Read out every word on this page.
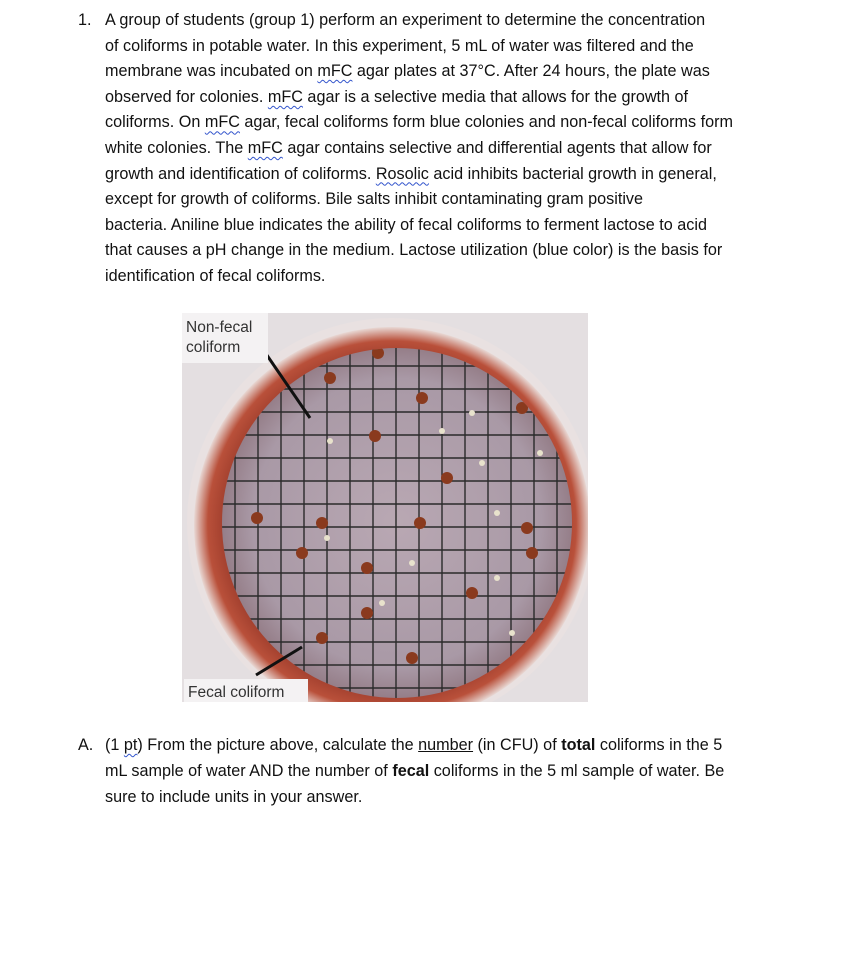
1. A group of students (group 1) perform an experiment to determine the concentration
of coliforms in potable water. In this experiment, 5 mL of water was filtered and the
membrane was incubated on mFC agar plates at 37°C. After 24 hours, the plate was
observed for colonies. mFC agar is a selective media that allows for the growth of
coliforms. On mFC agar, fecal coliforms form blue colonies and non-fecal coliforms form
white colonies. The mFC agar contains selective and differential agents that allow for
growth and identification of coliforms. Rosolic acid inhibits bacterial growth in general,
except for growth of coliforms. Bile salts inhibit contaminating gram positive
bacteria. Aniline blue indicates the ability of fecal coliforms to ferment lactose to acid
that causes a pH change in the medium. Lactose utilization (blue color) is the basis for
identification of fecal coliforms.
Non-fecal
coliform
Fecal coliform
A. (1 pt) From the picture above, calculate the number (in CFU) of total coliforms in the 5
mL sample of water AND the number of fecal coliforms in the 5 ml sample of water. Be
sure to include units in your answer.
